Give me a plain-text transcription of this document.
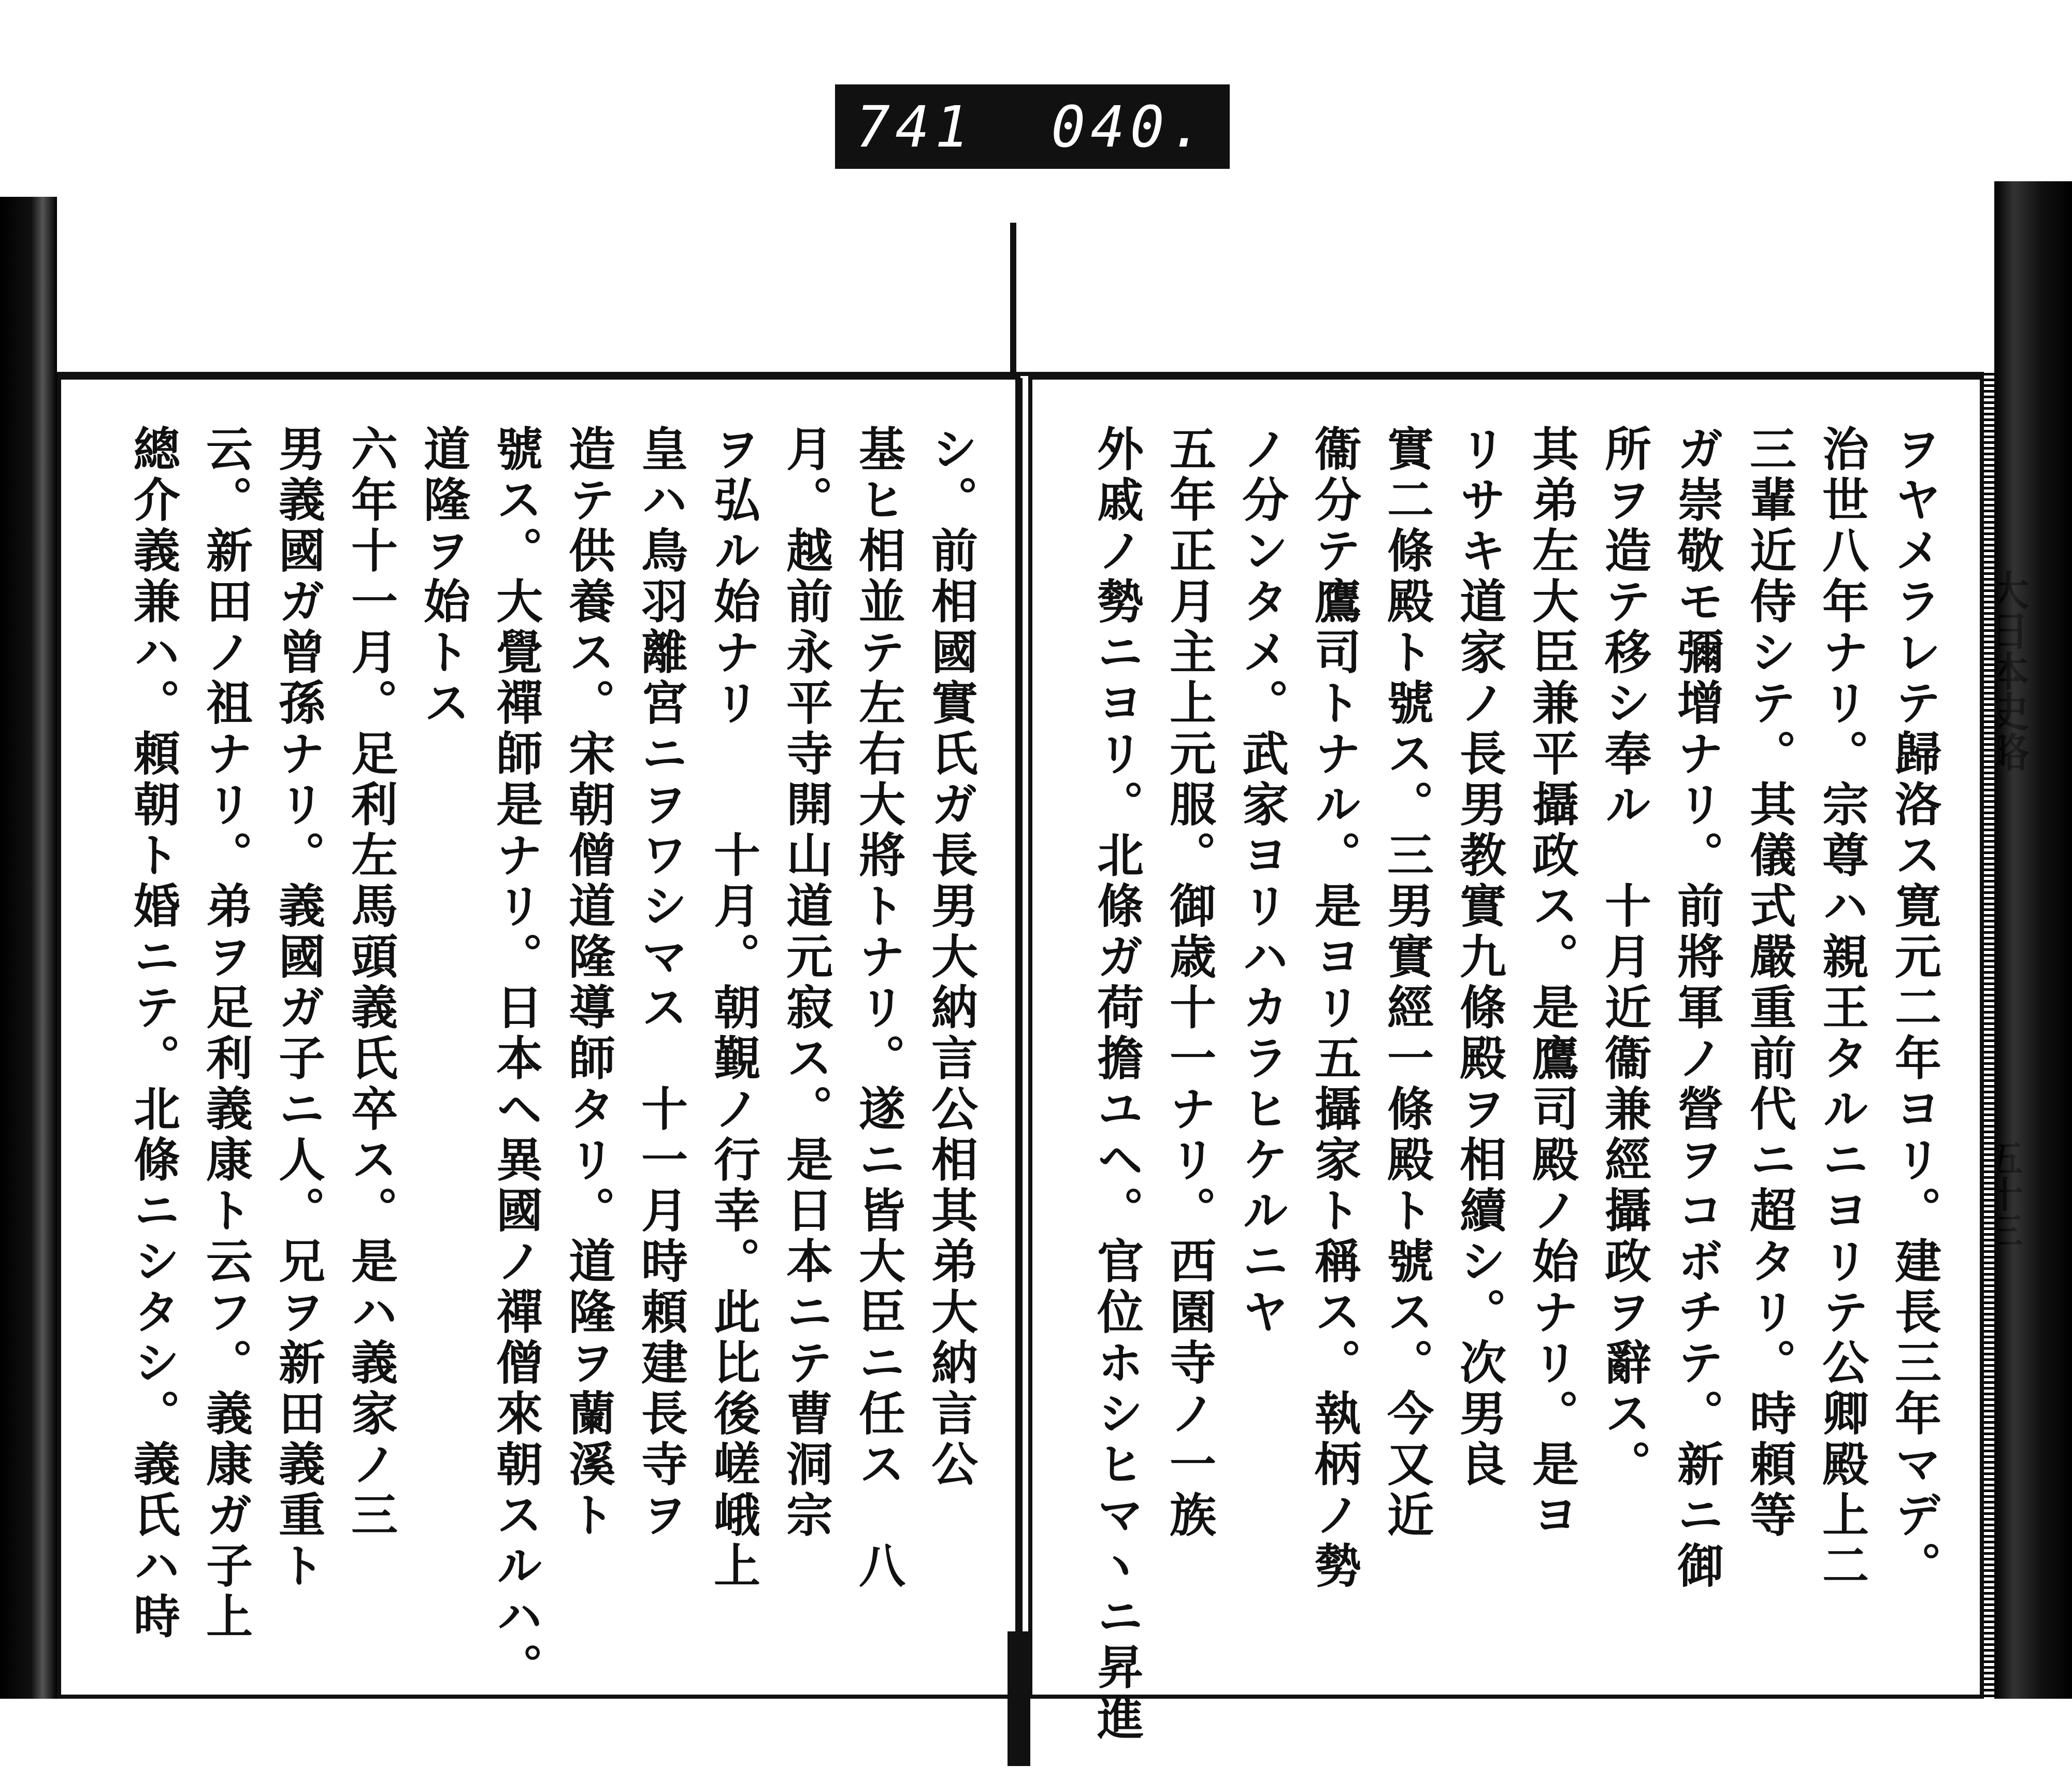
741 040.
ヲヤメラレテ歸洛ス寛元二年ヨリ。建長三年マデ。
治世八年ナリ。宗尊ハ親王タルニヨリテ公卿殿上二
三輩近侍シテ。其儀式嚴重前代ニ超タリ。時頼等
ガ崇敬モ彌增ナリ。前將軍ノ營ヲコボチテ。新ニ御
所ヲ造テ移シ奉ル　十月近衞兼經攝政ヲ辭ス。
其弟左大臣兼平攝政ス。是鷹司殿ノ始ナリ。是ヨ
リサキ道家ノ長男教實九條殿ヲ相續シ。次男良
實二條殿ト號ス。三男實經一條殿ト號ス。今又近
衞分テ鷹司トナル。是ヨリ五攝家ト稱ス。執柄ノ勢
ノ分ンタメ。武家ヨリハカラヒケルニヤ
五年正月主上元服。御歳十一ナリ。西園寺ノ一族
外戚ノ勢ニヨリ。北條ガ荷擔ユヘ。官位ホシヒマヽニ昇進
シ。前相國實氏ガ長男大納言公相其弟大納言公
基ヒ相並テ左右大將トナリ。遂ニ皆大臣ニ任ス　八
月。越前永平寺開山道元寂ス。是日本ニテ曹洞宗
ヲ弘ル始ナリ　　十月。朝覲ノ行幸。此比後嵯峨上
皇ハ鳥羽離宮ニヲワシマス　十一月時頼建長寺ヲ
造テ供養ス。宋朝僧道隆導師タリ。道隆ヲ蘭溪ト
號ス。大覺禪師是ナリ。日本ヘ異國ノ禪僧來朝スルハ。
道隆ヲ始トス
六年十一月。足利左馬頭義氏卒ス。是ハ義家ノ三
男義國ガ曾孫ナリ。義國ガ子ニ人。兄ヲ新田義重ト
云。新田ノ祖ナリ。弟ヲ足利義康ト云フ。義康ガ子上
總介義兼ハ。頼朝ト婚ニテ。北條ニシタシ。義氏ハ時	大日本史略
五十三
